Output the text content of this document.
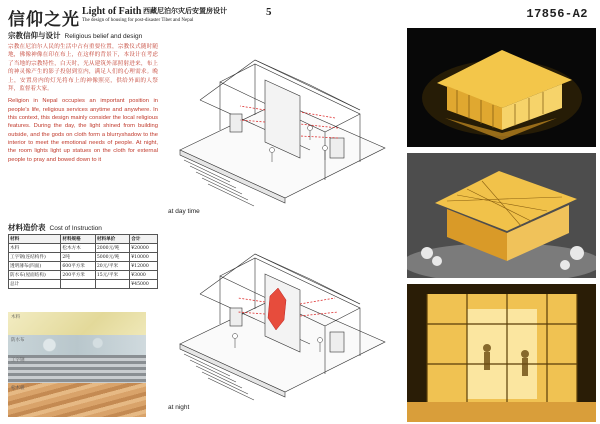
信仰之光 Light of Faith 西藏尼泊尔灾后安置房设计	5
The design of housing for post-disaster Tibet and Nepal	17856-A2
宗教信仰与设计 Religious belief and design

宗教在尼泊尔人民的生活中占有重要位置，宗教仪式随时随地，佛像神像在印在布上，在这样的背景下，本设计在考虑了当地的宗教特性，白天时，光从建筑外部照射进来，布上的神灵像产生的影子投射到室内，满足人们的心理需求。晚上，安置房内的灯光将布上的神像照亮，供给外面的人祭拜，监督着大家。

Religion in Nepal occupies an important position in people's life, religious services anytime and anywhere. In this context, this design mainly consider the local religious features. During the day, the light shined from building outside, and the gods on cloth form a blurryshadow to the interior to meet the emotional needs of people. At night, the room lights light up statues on the cloth for external people to pray and bowed down to it

材料造价表 Cost of Instruction
材料	材料规格	材料单价	合计
木料	松木方木	2000元/吨	¥20000
工字钢(连结构件)	2吨	5000元/吨	¥10000
透明薄布(四面)	600平方米	20元/平米	¥12000
防水布(屋面结构)	200平方米	15元/平米	¥3000
总计			¥45000
木料
防水布
工字钢
松木板
at day time
at night
